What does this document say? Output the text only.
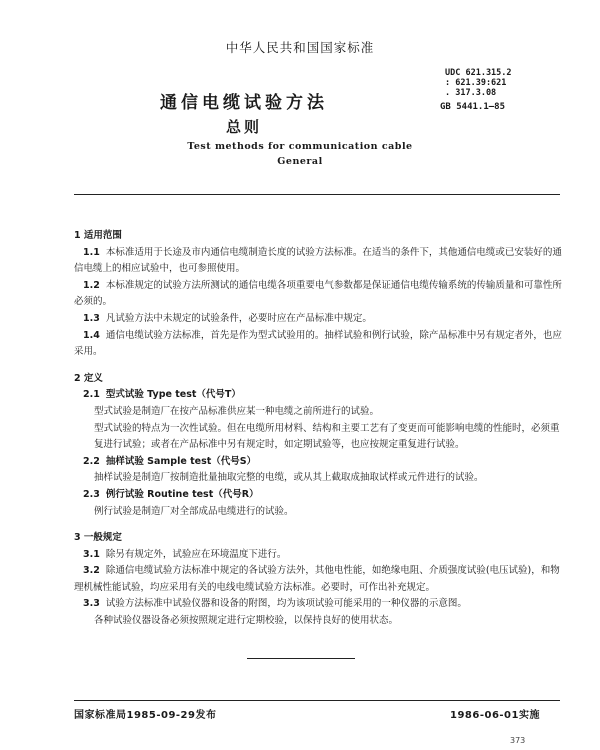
中华人民共和国国家标准
UDC 621.315.2
: 621.39:621
. 317.3.08
GB 5441.1—85
通信电缆试验方法
总则
Test methods for communication cable
General

1 适用范围

1.1 本标准适用于长途及市内通信电缆制造长度的试验方法标准。在适当的条件下，其他通信电缆或已安装好的通信电缆上的相应试验中，也可参照使用。

1.2 本标准规定的试验方法所测试的通信电缆各项重要电气参数都是保证通信电缆传输系统的传输质量和可靠性所必须的。

1.3 凡试验方法中未规定的试验条件，必要时应在产品标准中规定。

1.4 通信电缆试验方法标准，首先是作为型式试验用的。抽样试验和例行试验，除产品标准中另有规定者外，也应采用。

2 定义

2.1 型式试验 Type test（代号T）

型式试验是制造厂在按产品标准供应某一种电缆之前所进行的试验。

型式试验的特点为一次性试验。但在电缆所用材料、结构和主要工艺有了变更而可能影响电缆的性能时，必须重复进行试验；或者在产品标准中另有规定时，如定期试验等，也应按规定重复进行试验。

2.2 抽样试验 Sample test（代号S）

抽样试验是制造厂按制造批量抽取完整的电缆，或从其上截取成抽取试样或元件进行的试验。

2.3 例行试验 Routine test（代号R）

例行试验是制造厂对全部成品电缆进行的试验。

3 一般规定

3.1 除另有规定外，试验应在环境温度下进行。

3.2 除通信电缆试验方法标准中规定的各试验方法外，其他电性能，如绝缘电阻、介质强度试验(电压试验)，和物理机械性能试验，均应采用有关的电线电缆试验方法标准。必要时，可作出补充规定。

3.3 试验方法标准中试验仪器和设备的附图，均为该项试验可能采用的一种仪器的示意图。

各种试验仪器设备必须按照规定进行定期校验，以保持良好的使用状态。

国家标准局1985-09-29发布	1986-06-01实施
373
